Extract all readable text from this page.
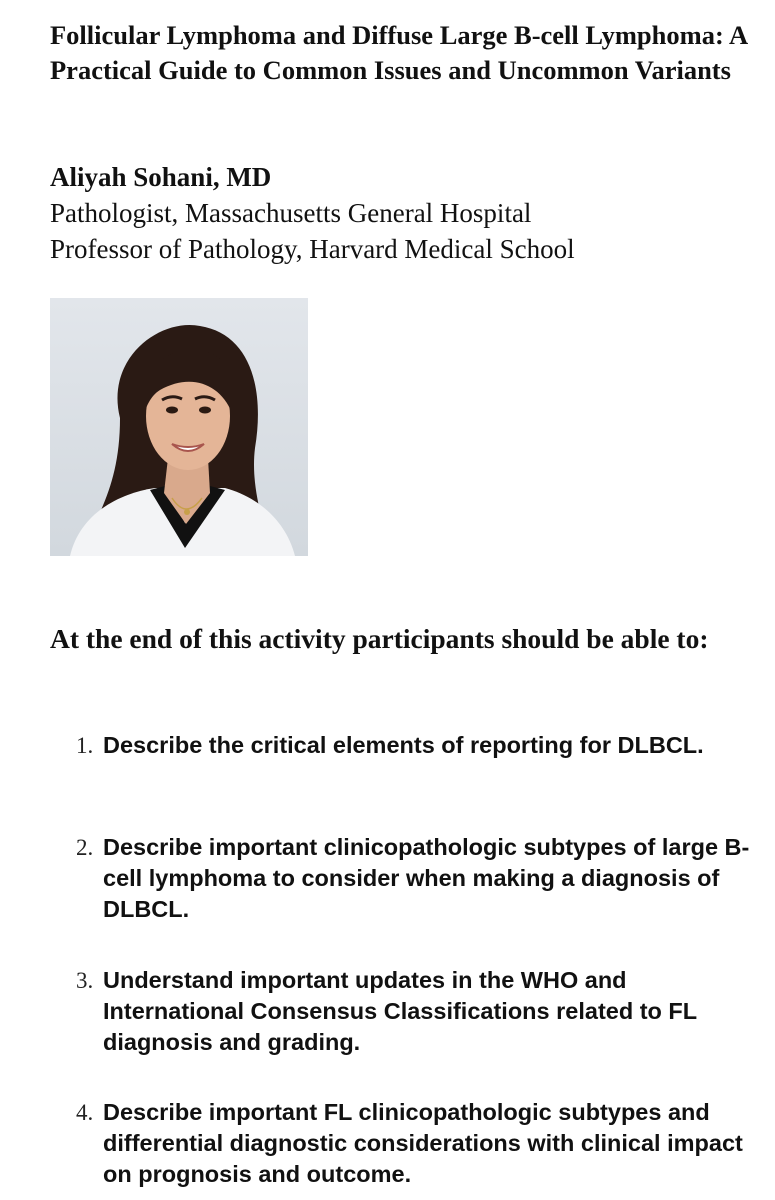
Follicular Lymphoma and Diffuse Large B-cell Lymphoma: A Practical Guide to Common Issues and Uncommon Variants
Aliyah Sohani, MD
Pathologist, Massachusetts General Hospital
Professor of Pathology, Harvard Medical School
At the end of this activity participants should be able to:
1. Describe the critical elements of reporting for DLBCL.
2. Describe important clinicopathologic subtypes of large B-cell lymphoma to consider when making a diagnosis of DLBCL.
3. Understand important updates in the WHO and International Consensus Classifications related to FL diagnosis and grading.
4. Describe important FL clinicopathologic subtypes and differential diagnostic considerations with clinical impact on prognosis and outcome.
